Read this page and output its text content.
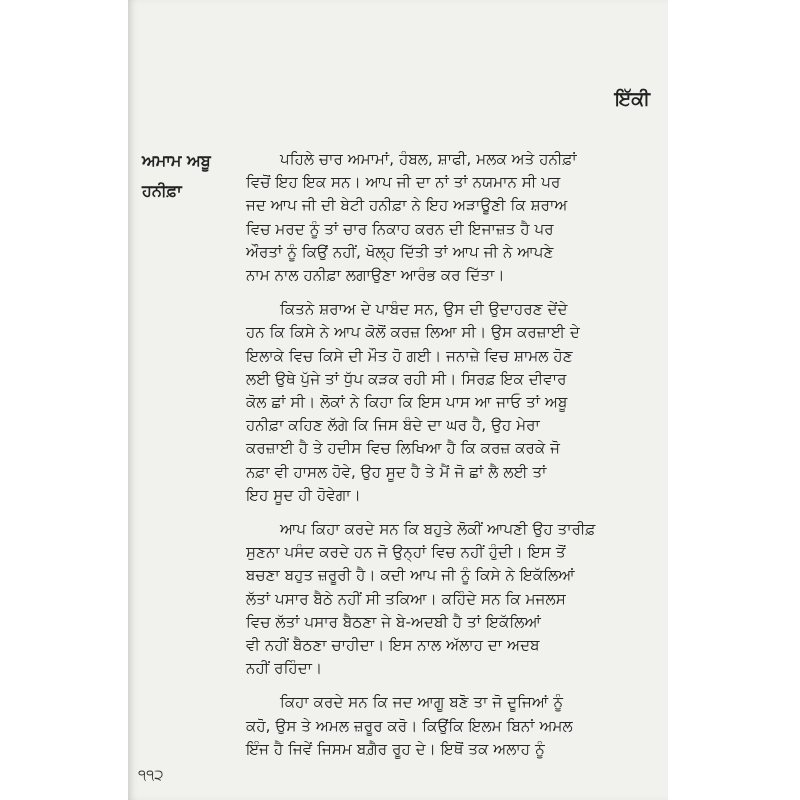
ਇੱਕੀ
ਅਮਾਮ ਅਬੂ
ਹਨੀਫ਼ਾ
ਪਹਿਲੇ ਚਾਰ ਅਮਾਮਾਂ, ਹੰਬਲ, ਸ਼ਾਫੀ, ਮਲਕ ਅਤੇ ਹਨੀਫ਼ਾਂ
ਵਿਚੋਂ ਇਹ ਇਕ ਸਨ। ਆਪ ਜੀ ਦਾ ਨਾਂ ਤਾਂ ਨਯਮਾਨ ਸੀ ਪਰ
ਜਦ ਆਪ ਜੀ ਦੀ ਬੇਟੀ ਹਨੀਫ਼ਾ ਨੇ ਇਹ ਅੜਾਊਣੀ ਕਿ ਸ਼ਰਾਅ
ਵਿਚ ਮਰਦ ਨੂੰ ਤਾਂ ਚਾਰ ਨਿਕਾਹ ਕਰਨ ਦੀ ਇਜਾਜ਼ਤ ਹੈ ਪਰ
ਔਰਤਾਂ ਨੂੰ ਕਿਉਂ ਨਹੀਂ, ਖੋਲ੍ਹ ਦਿੱਤੀ ਤਾਂ ਆਪ ਜੀ ਨੇ ਆਪਣੇ
ਨਾਮ ਨਾਲ ਹਨੀਫ਼ਾ ਲਗਾਉਣਾ ਆਰੰਭ ਕਰ ਦਿੱਤਾ।
ਕਿਤਨੇ ਸ਼ਰਾਅ ਦੇ ਪਾਬੰਦ ਸਨ, ਉਸ ਦੀ ਉਦਾਹਰਣ ਦੇਂਦੇ
ਹਨ ਕਿ ਕਿਸੇ ਨੇ ਆਪ ਕੋਲੋਂ ਕਰਜ਼ ਲਿਆ ਸੀ। ਉਸ ਕਰਜ਼ਾਈ ਦੇ
ਇਲਾਕੇ ਵਿਚ ਕਿਸੇ ਦੀ ਮੌਤ ਹੋ ਗਈ। ਜਨਾਜ਼ੇ ਵਿਚ ਸ਼ਾਮਲ ਹੋਣ
ਲਈ ਉਥੇ ਪੁੱਜੇ ਤਾਂ ਧੁੱਪ ਕੜਕ ਰਹੀ ਸੀ। ਸਿਰਫ਼ ਇਕ ਦੀਵਾਰ
ਕੋਲ ਛਾਂ ਸੀ। ਲੋਕਾਂ ਨੇ ਕਿਹਾ ਕਿ ਇਸ ਪਾਸ ਆ ਜਾਓ ਤਾਂ ਅਬੂ
ਹਨੀਫ਼ਾ ਕਹਿਣ ਲੱਗੇ ਕਿ ਜਿਸ ਬੰਦੇ ਦਾ ਘਰ ਹੈ, ਉਹ ਮੇਰਾ
ਕਰਜ਼ਾਈ ਹੈ ਤੇ ਹਦੀਸ ਵਿਚ ਲਿਖਿਆ ਹੈ ਕਿ ਕਰਜ਼ ਕਰਕੇ ਜੋ
ਨਫ਼ਾ ਵੀ ਹਾਸਲ ਹੋਵੇ, ਉਹ ਸੂਦ ਹੈ ਤੇ ਮੈਂ ਜੋ ਛਾਂ ਲੈ ਲਈ ਤਾਂ
ਇਹ ਸੂਦ ਹੀ ਹੋਵੇਗਾ।
ਆਪ ਕਿਹਾ ਕਰਦੇ ਸਨ ਕਿ ਬਹੁਤੇ ਲੋਕੀਂ ਆਪਣੀ ਉਹ ਤਾਰੀਫ਼
ਸੁਣਨਾ ਪਸੰਦ ਕਰਦੇ ਹਨ ਜੋ ਉਨ੍ਹਾਂ ਵਿਚ ਨਹੀਂ ਹੁੰਦੀ। ਇਸ ਤੋਂ
ਬਚਣਾ ਬਹੁਤ ਜ਼ਰੂਰੀ ਹੈ। ਕਦੀ ਆਪ ਜੀ ਨੂੰ ਕਿਸੇ ਨੇ ਇਕੱਲਿਆਂ
ਲੱਤਾਂ ਪਸਾਰ ਬੈਠੇ ਨਹੀਂ ਸੀ ਤਕਿਆ। ਕਹਿੰਦੇ ਸਨ ਕਿ ਮਜਲਸ
ਵਿਚ ਲੱਤਾਂ ਪਸਾਰ ਬੈਠਣਾ ਜੇ ਬੇ-ਅਦਬੀ ਹੈ ਤਾਂ ਇਕੱਲਿਆਂ
ਵੀ ਨਹੀਂ ਬੈਠਣਾ ਚਾਹੀਦਾ। ਇਸ ਨਾਲ ਅੱਲਾਹ ਦਾ ਅਦਬ
ਨਹੀਂ ਰਹਿੰਦਾ।
ਕਿਹਾ ਕਰਦੇ ਸਨ ਕਿ ਜਦ ਆਗੂ ਬਣੋ ਤਾ ਜੋ ਦੂਜਿਆਂ ਨੂੰ
ਕਹੋ, ਉਸ ਤੇ ਅਮਲ ਜ਼ਰੂਰ ਕਰੋ। ਕਿਉਂਕਿ ਇਲਮ ਬਿਨਾਂ ਅਮਲ
ਇੰਜ ਹੈ ਜਿਵੇਂ ਜਿਸਮ ਬਗ਼ੈਰ ਰੂਹ ਦੇ। ਇਥੋਂ ਤਕ ਅਲਾਹ ਨੂੰ
੧੧੨
